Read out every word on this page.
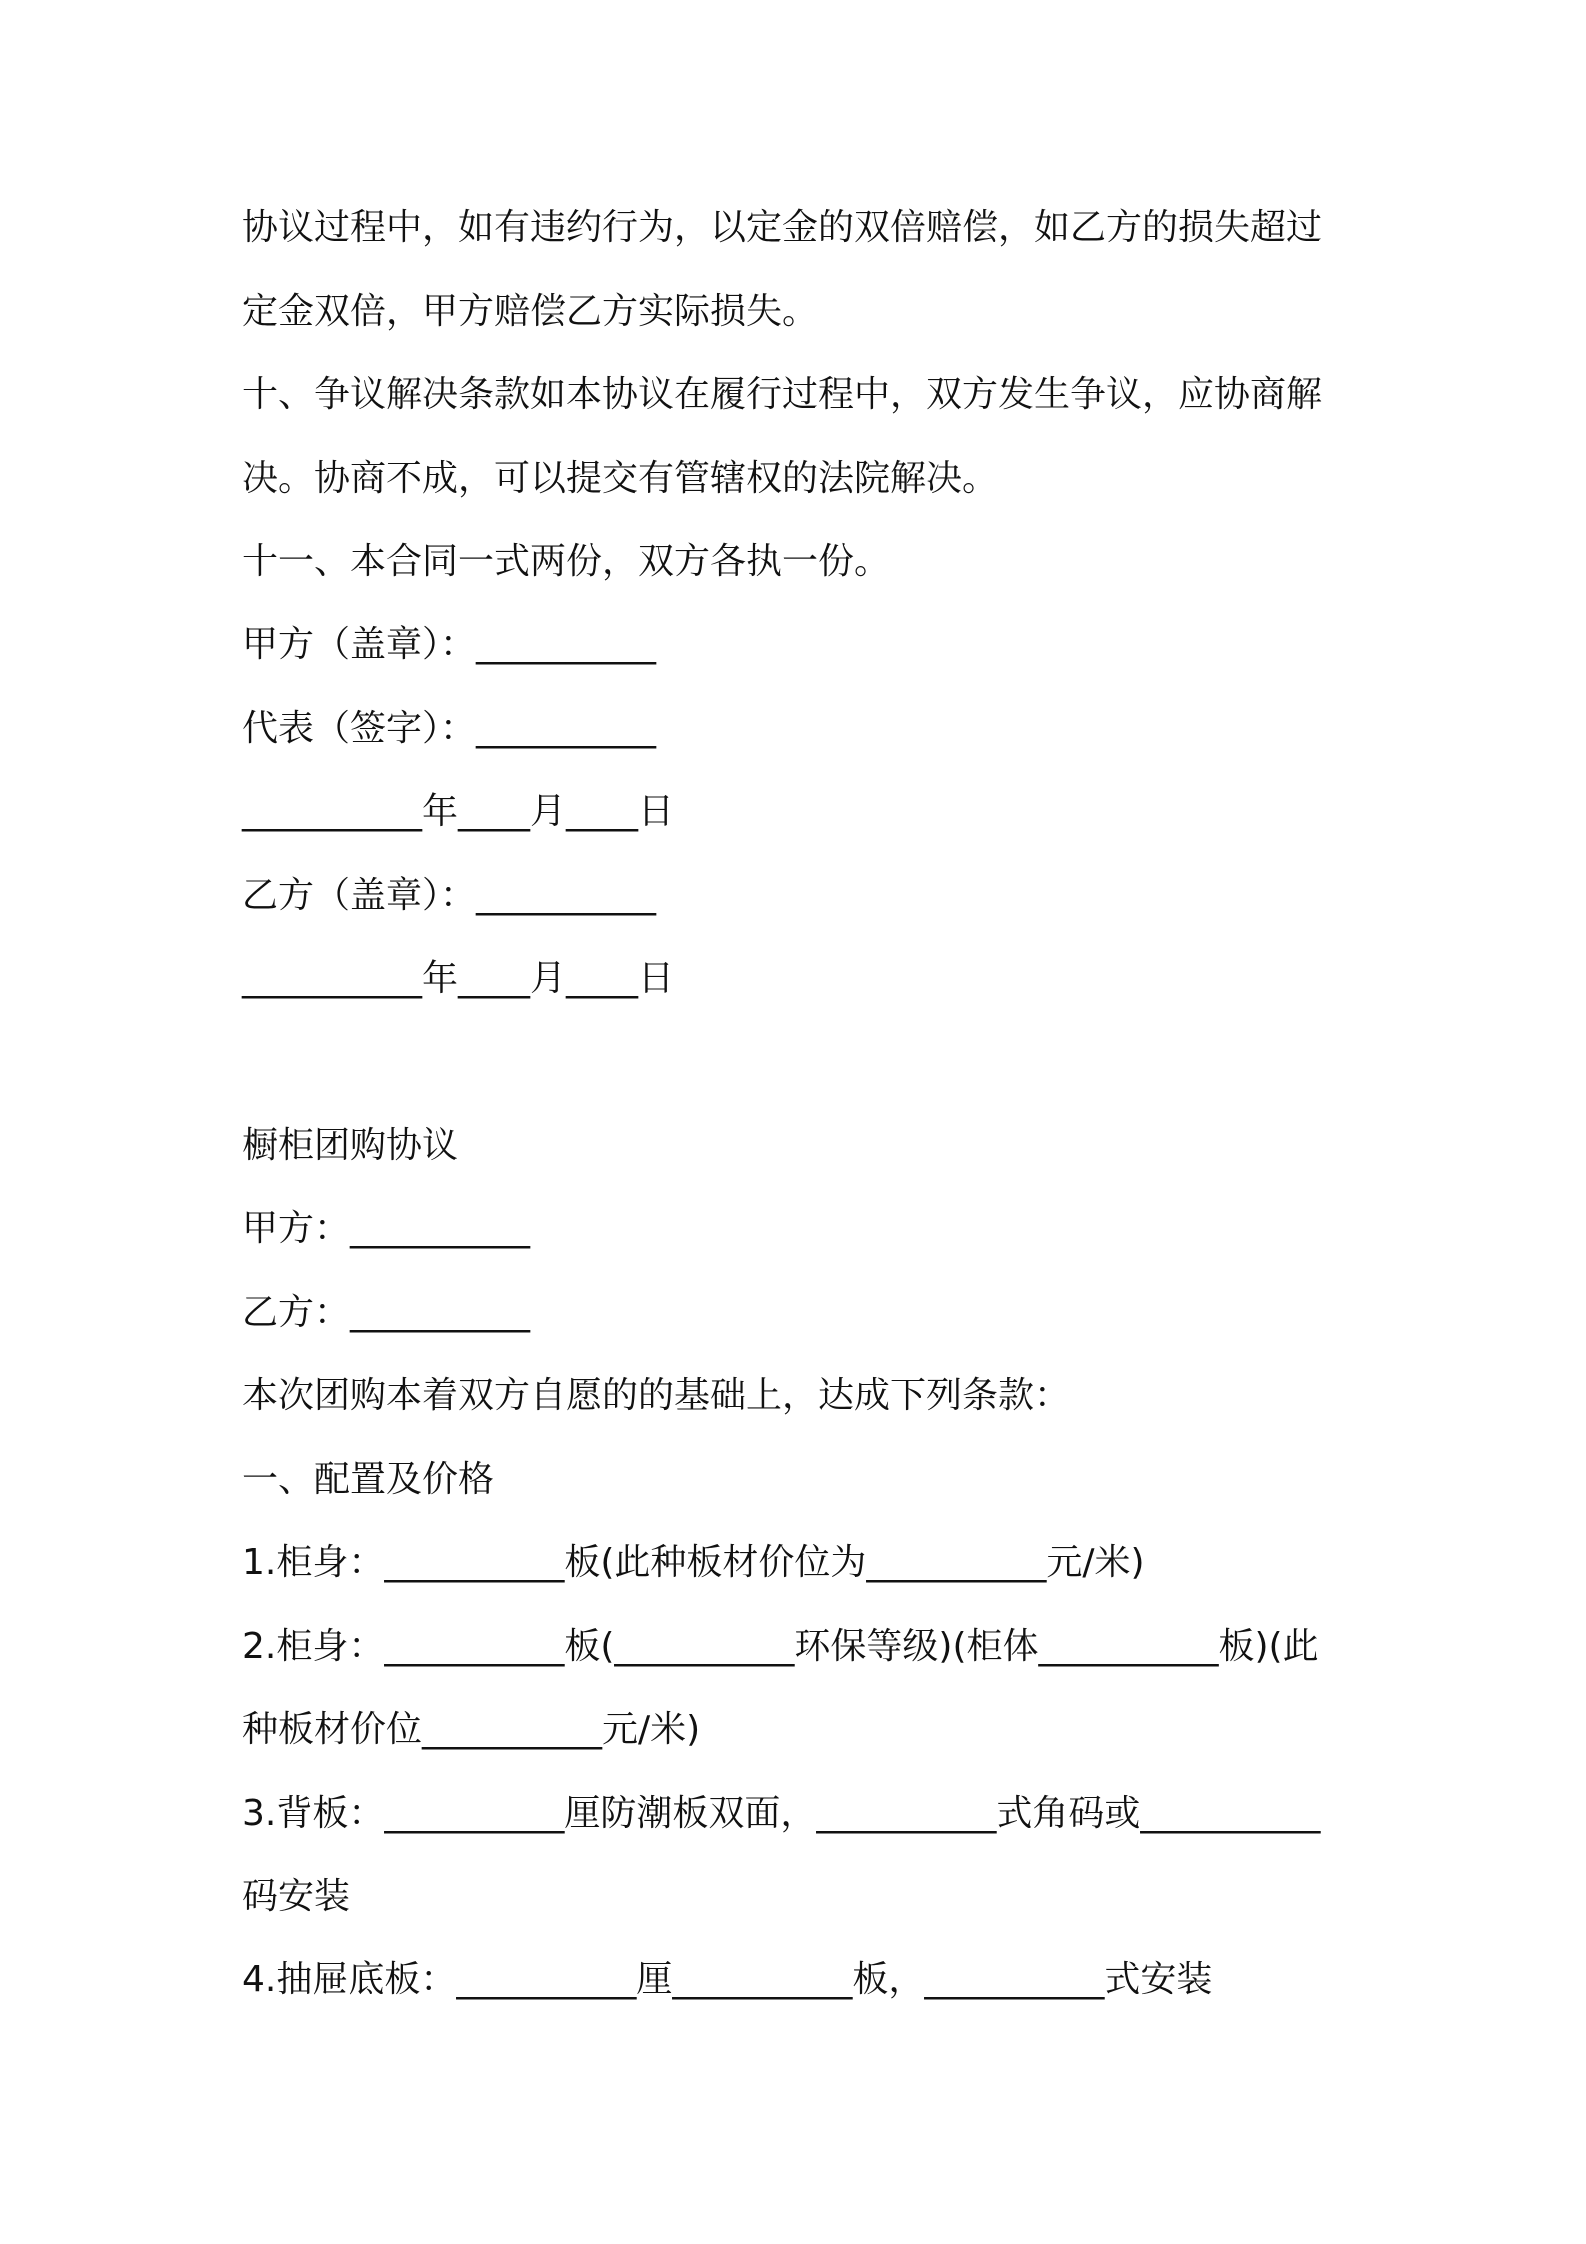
协议过程中，如有违约行为，以定金的双倍赔偿，如乙方的损失超过
定金双倍，甲方赔偿乙方实际损失。
十、争议解决条款如本协议在履行过程中，双方发生争议，应协商解
决。协商不成，可以提交有管辖权的法院解决。
十一、本合同一式两份，双方各执一份。
甲方（盖章）：__________
代表（签字）：__________
__________年____月____日
乙方（盖章）：__________
__________年____月____日
橱柜团购协议
甲方：__________
乙方：__________
本次团购本着双方自愿的的基础上，达成下列条款：
一、配置及价格
1.柜身：__________板(此种板材价位为__________元/米)
2.柜身：__________板(__________环保等级)(柜体__________板)(此
种板材价位__________元/米)
3.背板：__________厘防潮板双面，__________式角码或__________
码安装
4.抽屉底板：__________厘__________板，__________式安装
